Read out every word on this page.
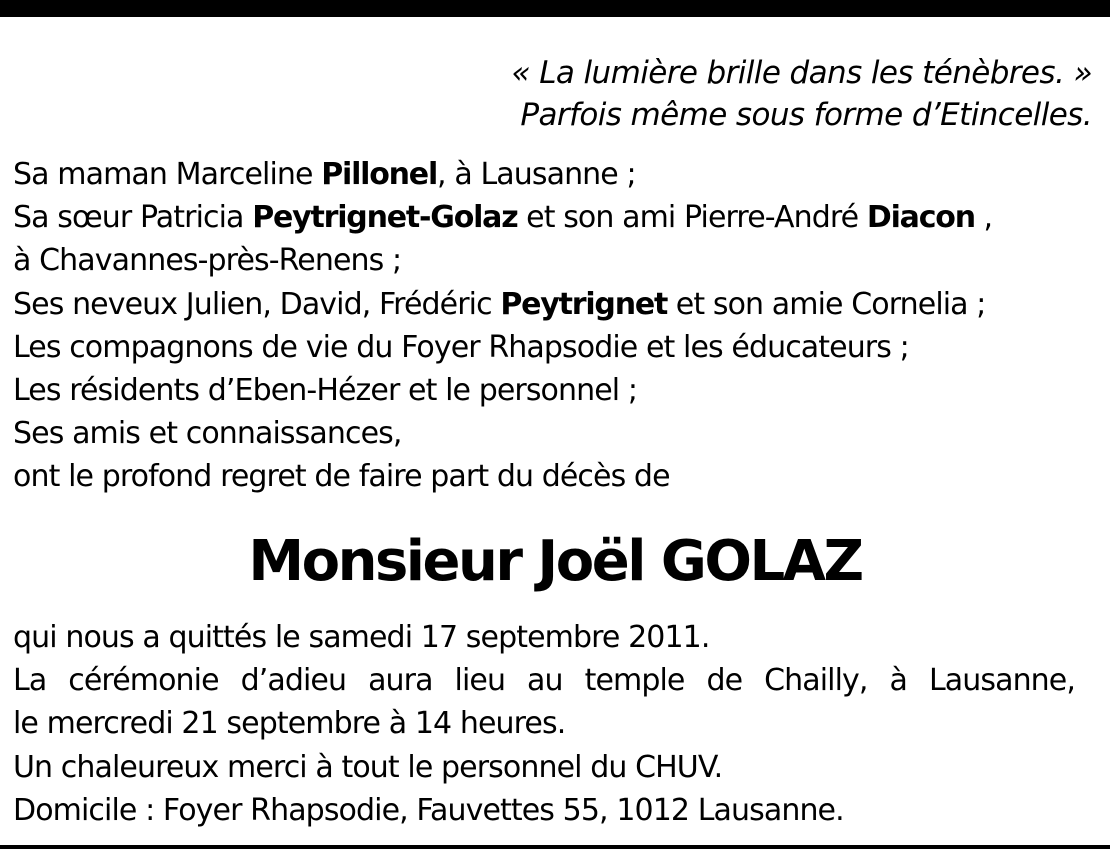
« La lumière brille dans les ténèbres. »
Parfois même sous forme d’Etincelles.
Sa maman Marceline Pillonel, à Lausanne ;
Sa sœur Patricia Peytrignet-Golaz et son ami Pierre-André Diacon ,
à Chavannes-près-Renens ;
Ses neveux Julien, David, Frédéric Peytrignet et son amie Cornelia ;
Les compagnons de vie du Foyer Rhapsodie et les éducateurs ;
Les résidents d’Eben-Hézer et le personnel ;
Ses amis et connaissances,
ont le profond regret de faire part du décès de
Monsieur Joël GOLAZ
qui nous a quittés le samedi 17 septembre 2011.
La cérémonie d’adieu aura lieu au temple de Chailly, à Lausanne,
le mercredi 21 septembre à 14 heures.
Un chaleureux merci à tout le personnel du CHUV.
Domicile : Foyer Rhapsodie, Fauvettes 55, 1012 Lausanne.
